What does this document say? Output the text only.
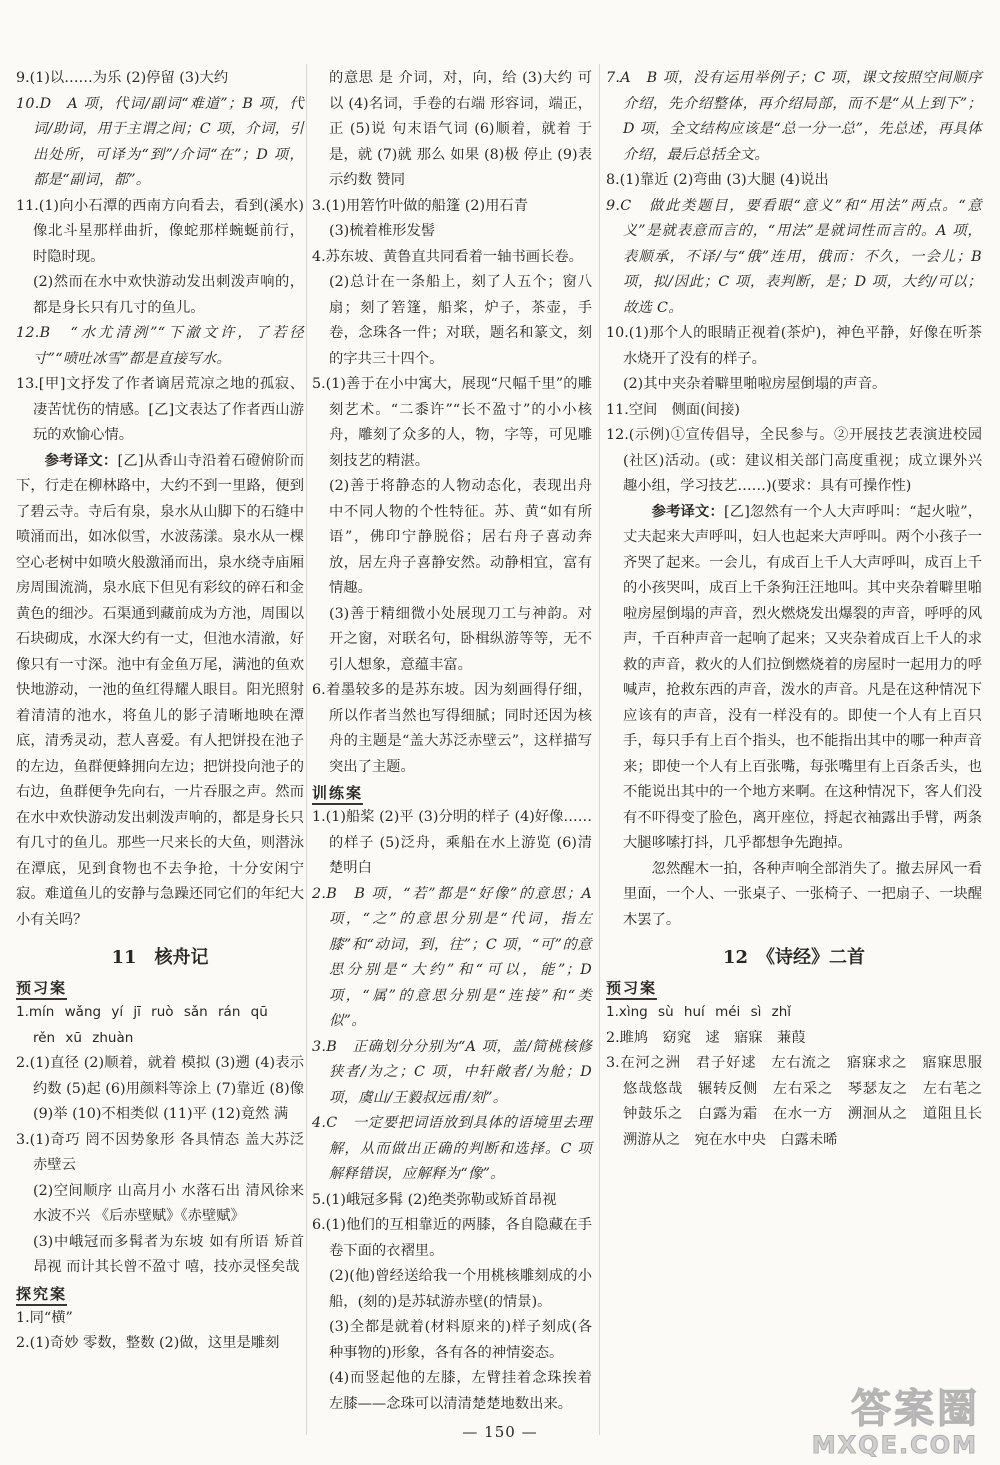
9.(1)以……为乐 (2)停留 (3)大约

10.D　A 项，代词/副词“难道”；B 项，代词/助词，用于主谓之间；C 项，介词，引出处所，可译为“到”/介词“在”；D 项，都是“副词，都”。

11.(1)向小石潭的西南方向看去，看到(溪水)像北斗星那样曲折，像蛇那样蜿蜒前行，时隐时现。

(2)然而在水中欢快游动发出刺泼声响的，都是身长只有几寸的鱼儿。

12.B　“水尤清洌”“下澈文许，了若径寸”“喷吐冰雪”都是直接写水。

13.[甲]文抒发了作者谪居荒凉之地的孤寂、凄苦忧伤的情感。[乙]文表达了作者西山游玩的欢愉心情。

参考译文：[乙]从香山寺沿着石磴俯阶而下，行走在柳林路中，大约不到一里路，便到了碧云寺。寺后有泉，泉水从山脚下的石缝中喷涌而出，如冰似雪，水波荡漾。泉水从一棵空心老树中如喷火般激涌而出，泉水绕寺庙厢房周围流淌，泉水底下但见有彩纹的碎石和金黄色的细沙。石渠通到藏前成为方池，周围以石块砌成，水深大约有一丈，但池水清澈，好像只有一寸深。池中有金鱼万尾，满池的鱼欢快地游动，一池的鱼红得耀人眼目。阳光照射着清清的池水，将鱼儿的影子清晰地映在潭底，清秀灵动，惹人喜爱。有人把饼投在池子的左边，鱼群便蜂拥向左边；把饼投向池子的右边，鱼群便争先向右，一片吞服之声。然而在水中欢快游动发出刺泼声响的，都是身长只有几寸的鱼儿。那些一尺来长的大鱼，则潜泳在潭底，见到食物也不去争抢，十分安闲宁寂。难道鱼儿的安静与急躁还同它们的年纪大小有关吗？

11　核舟记
预习案

1.mín wǎng yí jī ruò sǎn rán qū

rěn xū zhuàn

2.(1)直径 (2)顺着，就着 模拟 (3)遡 (4)表示约数 (5)起 (6)用颜料等涂上 (7)靠近 (8)像 (9)举 (10)不相类似 (11)平 (12)竟然 满

3.(1)奇巧 罔不因势象形 各具情态 盖大苏泛赤壁云

(2)空间顺序 山高月小 水落石出 清风徐来 水波不兴 《后赤壁赋》《赤壁赋》

(3)中峨冠而多髯者为东坡 如有所语 矫首昂视 而计其长曾不盈寸 嘻，技亦灵怪矣哉

探究案

1.同“横”

2.(1)奇妙 零数，整数 (2)做，这里是雕刻

的意思 是 介词，对，向，给 (3)大约 可以 (4)名词，手卷的右端 形容词，端正，正 (5)说 句末语气词 (6)顺着，就着 于是，就 (7)就 那么 如果 (8)极 停止 (9)表示约数 赞同

3.(1)用箬竹叶做的船篷 (2)用石青

(3)梳着椎形发髻

4.苏东坡、黄鲁直共同看着一轴书画长卷。

(2)总计在一条船上，刻了人五个；窗八扇；刻了箬篷，船桨，炉子，茶壶，手卷，念珠各一件；对联，题名和篆文，刻的字共三十四个。

5.(1)善于在小中寓大，展现“尺幅千里”的雕刻艺术。“二黍许”“长不盈寸”的小小核舟，雕刻了众多的人，物，字等，可见雕刻技艺的精湛。

(2)善于将静态的人物动态化，表现出舟中不同人物的个性特征。苏、黄“如有所语”，佛印宁静脱俗；居右舟子喜动奔放，居左舟子喜静安然。动静相宜，富有情趣。

(3)善于精细微小处展现刀工与神韵。对开之窗，对联名句，卧楫纵游等等，无不引人想象，意蕴丰富。

6.着墨较多的是苏东坡。因为刻画得仔细，所以作者当然也写得细腻；同时还因为核舟的主题是“盖大苏泛赤壁云”，这样描写突出了主题。

训练案

1.(1)船桨 (2)平 (3)分明的样子 (4)好像……的样子 (5)泛舟，乘船在水上游览 (6)清楚明白

2.B　B 项，“若”都是“好像”的意思；A 项，“之”的意思分别是“代词，指左膝”和“动词，到，往”；C 项，“可”的意思分别是“大约”和“可以，能”；D 项，“属”的意思分别是“连接”和“类似”。

3.B　正确划分分别为“A 项，盖/简桃核修狭者/为之；C 项，中轩敞者/为舱；D 项，虞山/王毅叔远甫/刻”。

4.C　一定要把词语放到具体的语境里去理解，从而做出正确的判断和选择。C 项解释错误，应解释为“像”。

5.(1)峨冠多髯 (2)绝类弥勒或矫首昂视

6.(1)他们的互相靠近的两膝，各自隐藏在手卷下面的衣褶里。

(2)(他)曾经送给我一个用桃核雕刻成的小船，(刻的)是苏轼游赤壁(的情景)。

(3)全都是就着(材料原来的)样子刻成(各种事物的)形象，各有各的神情姿态。

(4)而竖起他的左膝，左臂挂着念珠挨着左膝——念珠可以清清楚楚地数出来。

7.A　B 项，没有运用举例子；C 项，课文按照空间顺序介绍，先介绍整体，再介绍局部，而不是“从上到下”；D 项，全文结构应该是“总一分一总”，先总述，再具体介绍，最后总括全文。

8.(1)靠近 (2)弯曲 (3)大腿 (4)说出

9.C　做此类题目，要看眼“意义”和“用法”两点。“意义”是就表意而言的，“用法”是就词性而言的。A 项，表顺承，不译/与“俄”连用，俄而：不久，一会儿；B 项，拟/因此；C 项，表判断，是；D 项，大约/可以；故选 C。

10.(1)那个人的眼睛正视着(茶炉)，神色平静，好像在听茶水烧开了没有的样子。

(2)其中夹杂着噼里啪啦房屋倒塌的声音。

11.空间　侧面(间接)

12.(示例)①宣传倡导，全民参与。②开展技艺表演进校园(社区)活动。(或：建议相关部门高度重视；成立课外兴趣小组，学习技艺……)(要求：具有可操作性)

参考译文：[乙]忽然有一个人大声呼叫：“起火啦”，丈夫起来大声呼叫，妇人也起来大声呼叫。两个小孩子一齐哭了起来。一会儿，有成百上千人大声呼叫，成百上千的小孩哭叫，成百上千条狗汪汪地叫。其中夹杂着噼里啪啦房屋倒塌的声音，烈火燃烧发出爆裂的声音，呼呼的风声，千百种声音一起响了起来；又夹杂着成百上千人的求救的声音，救火的人们拉倒燃烧着的房屋时一起用力的呼喊声，抢救东西的声音，泼水的声音。凡是在这种情况下应该有的声音，没有一样没有的。即使一个人有上百只手，每只手有上百个指头，也不能指出其中的哪一种声音来；即使一个人有上百张嘴，每张嘴里有上百条舌头，也不能说出其中的一个地方来啊。在这种情况下，客人们没有不吓得变了脸色，离开座位，捋起衣袖露出手臂，两条大腿哆嗦打抖，几乎都想争先跑掉。

忽然醒木一拍，各种声响全部消失了。撤去屏风一看里面，一个人、一张桌子、一张椅子、一把扇子、一块醒木罢了。

12　《诗经》二首
预习案

1.xìng sù huí méi sì zhǐ

2.雎鸠　窈窕　逑　寤寐　蒹葭

3.在河之洲　君子好逑　左右流之　寤寐求之　寤寐思服　悠哉悠哉　辗转反侧　左右采之　琴瑟友之　左右芼之　钟鼓乐之　白露为霜　在水一方　溯洄从之　道阻且长　溯游从之　宛在水中央　白露未晞

— 150 —	答案圈
MXQE.COM
